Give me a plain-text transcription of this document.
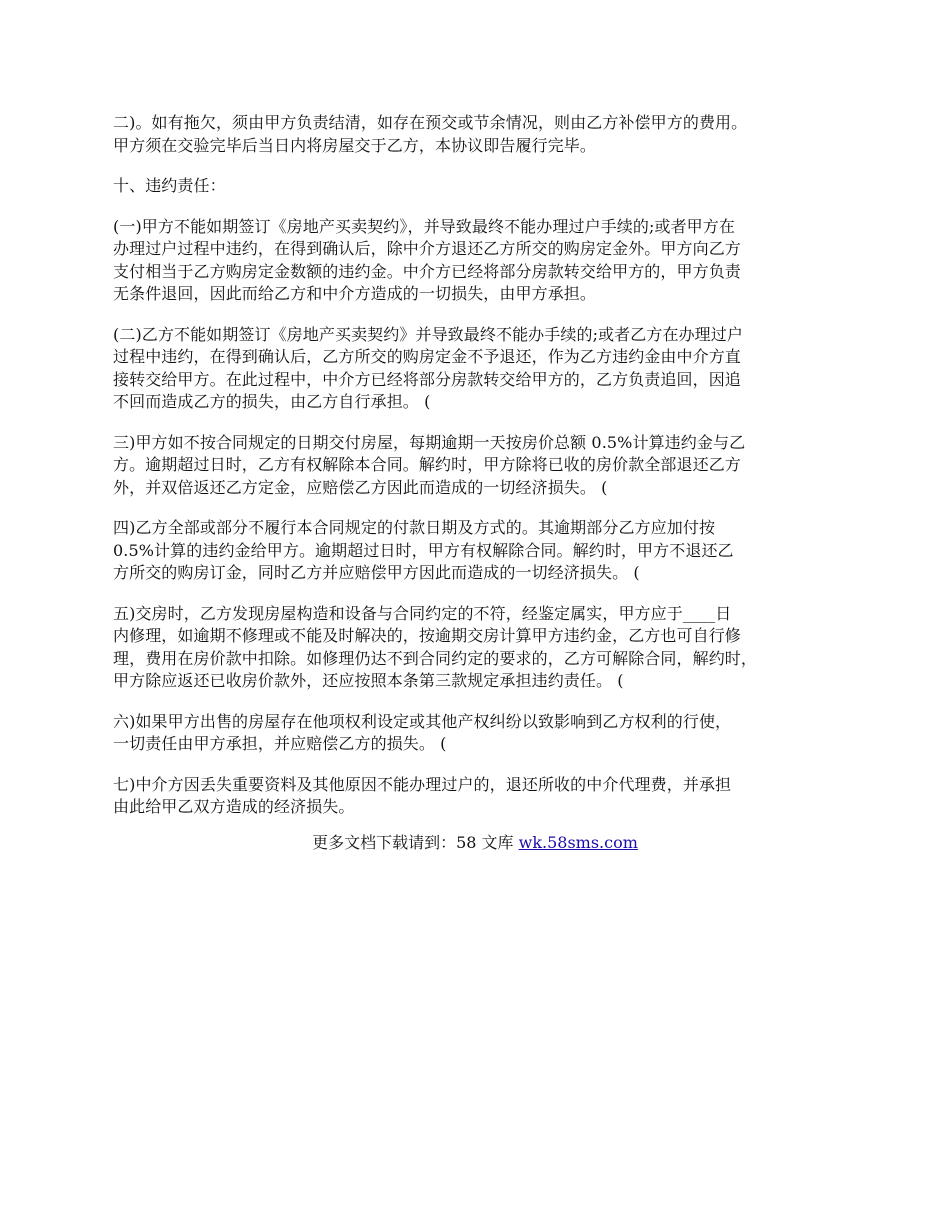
二)。如有拖欠，须由甲方负责结清，如存在预交或节余情况，则由乙方补偿甲方的费用。
甲方须在交验完毕后当日内将房屋交于乙方，本协议即告履行完毕。

十、违约责任：

(一)甲方不能如期签订《房地产买卖契约》，并导致最终不能办理过户手续的;或者甲方在
办理过户过程中违约，在得到确认后，除中介方退还乙方所交的购房定金外。甲方向乙方
支付相当于乙方购房定金数额的违约金。中介方已经将部分房款转交给甲方的，甲方负责
无条件退回，因此而给乙方和中介方造成的一切损失，由甲方承担。

(二)乙方不能如期签订《房地产买卖契约》并导致最终不能办手续的;或者乙方在办理过户
过程中违约，在得到确认后，乙方所交的购房定金不予退还，作为乙方违约金由中介方直
接转交给甲方。在此过程中，中介方已经将部分房款转交给甲方的，乙方负责追回，因追
不回而造成乙方的损失，由乙方自行承担。 (

三)甲方如不按合同规定的日期交付房屋，每期逾期一天按房价总额 0.5%计算违约金与乙
方。逾期超过日时，乙方有权解除本合同。解约时，甲方除将已收的房价款全部退还乙方
外，并双倍返还乙方定金，应赔偿乙方因此而造成的一切经济损失。 (

四)乙方全部或部分不履行本合同规定的付款日期及方式的。其逾期部分乙方应加付按
0.5%计算的违约金给甲方。逾期超过日时，甲方有权解除合同。解约时，甲方不退还乙
方所交的购房订金，同时乙方并应赔偿甲方因此而造成的一切经济损失。 (

五)交房时，乙方发现房屋构造和设备与合同约定的不符，经鉴定属实，甲方应于____日
内修理，如逾期不修理或不能及时解决的，按逾期交房计算甲方违约金，乙方也可自行修
理，费用在房价款中扣除。如修理仍达不到合同约定的要求的，乙方可解除合同，解约时，
甲方除应返还已收房价款外，还应按照本条第三款规定承担违约责任。 (

六)如果甲方出售的房屋存在他项权利设定或其他产权纠纷以致影响到乙方权利的行使，
一切责任由甲方承担，并应赔偿乙方的损失。 (

七)中介方因丢失重要资料及其他原因不能办理过户的，退还所收的中介代理费，并承担
由此给甲乙双方造成的经济损失。

更多文档下载请到：58 文库 wk.58sms.com
